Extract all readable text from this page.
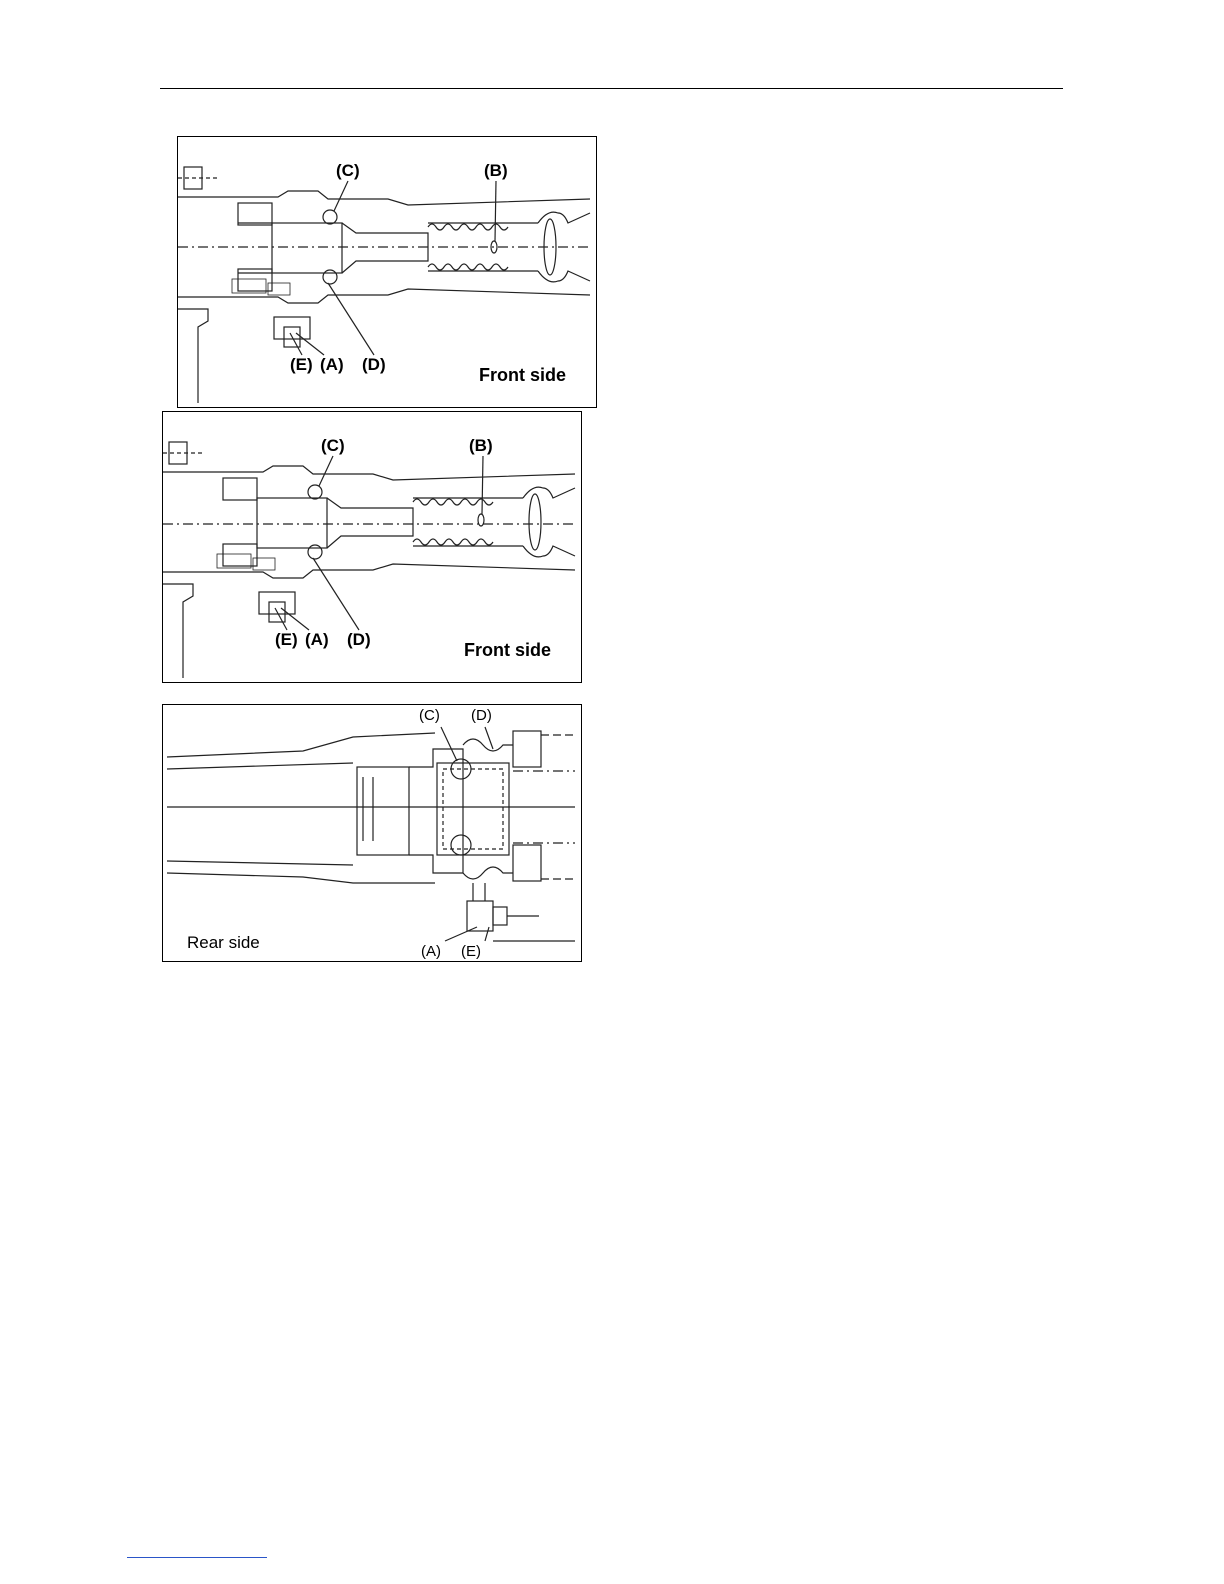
(C)	(B)
(E) (A) (D)
Front side
(C)	(B)
(E) (A) (D)
Front side
(C) (D)
(A) (E)
Rear side
